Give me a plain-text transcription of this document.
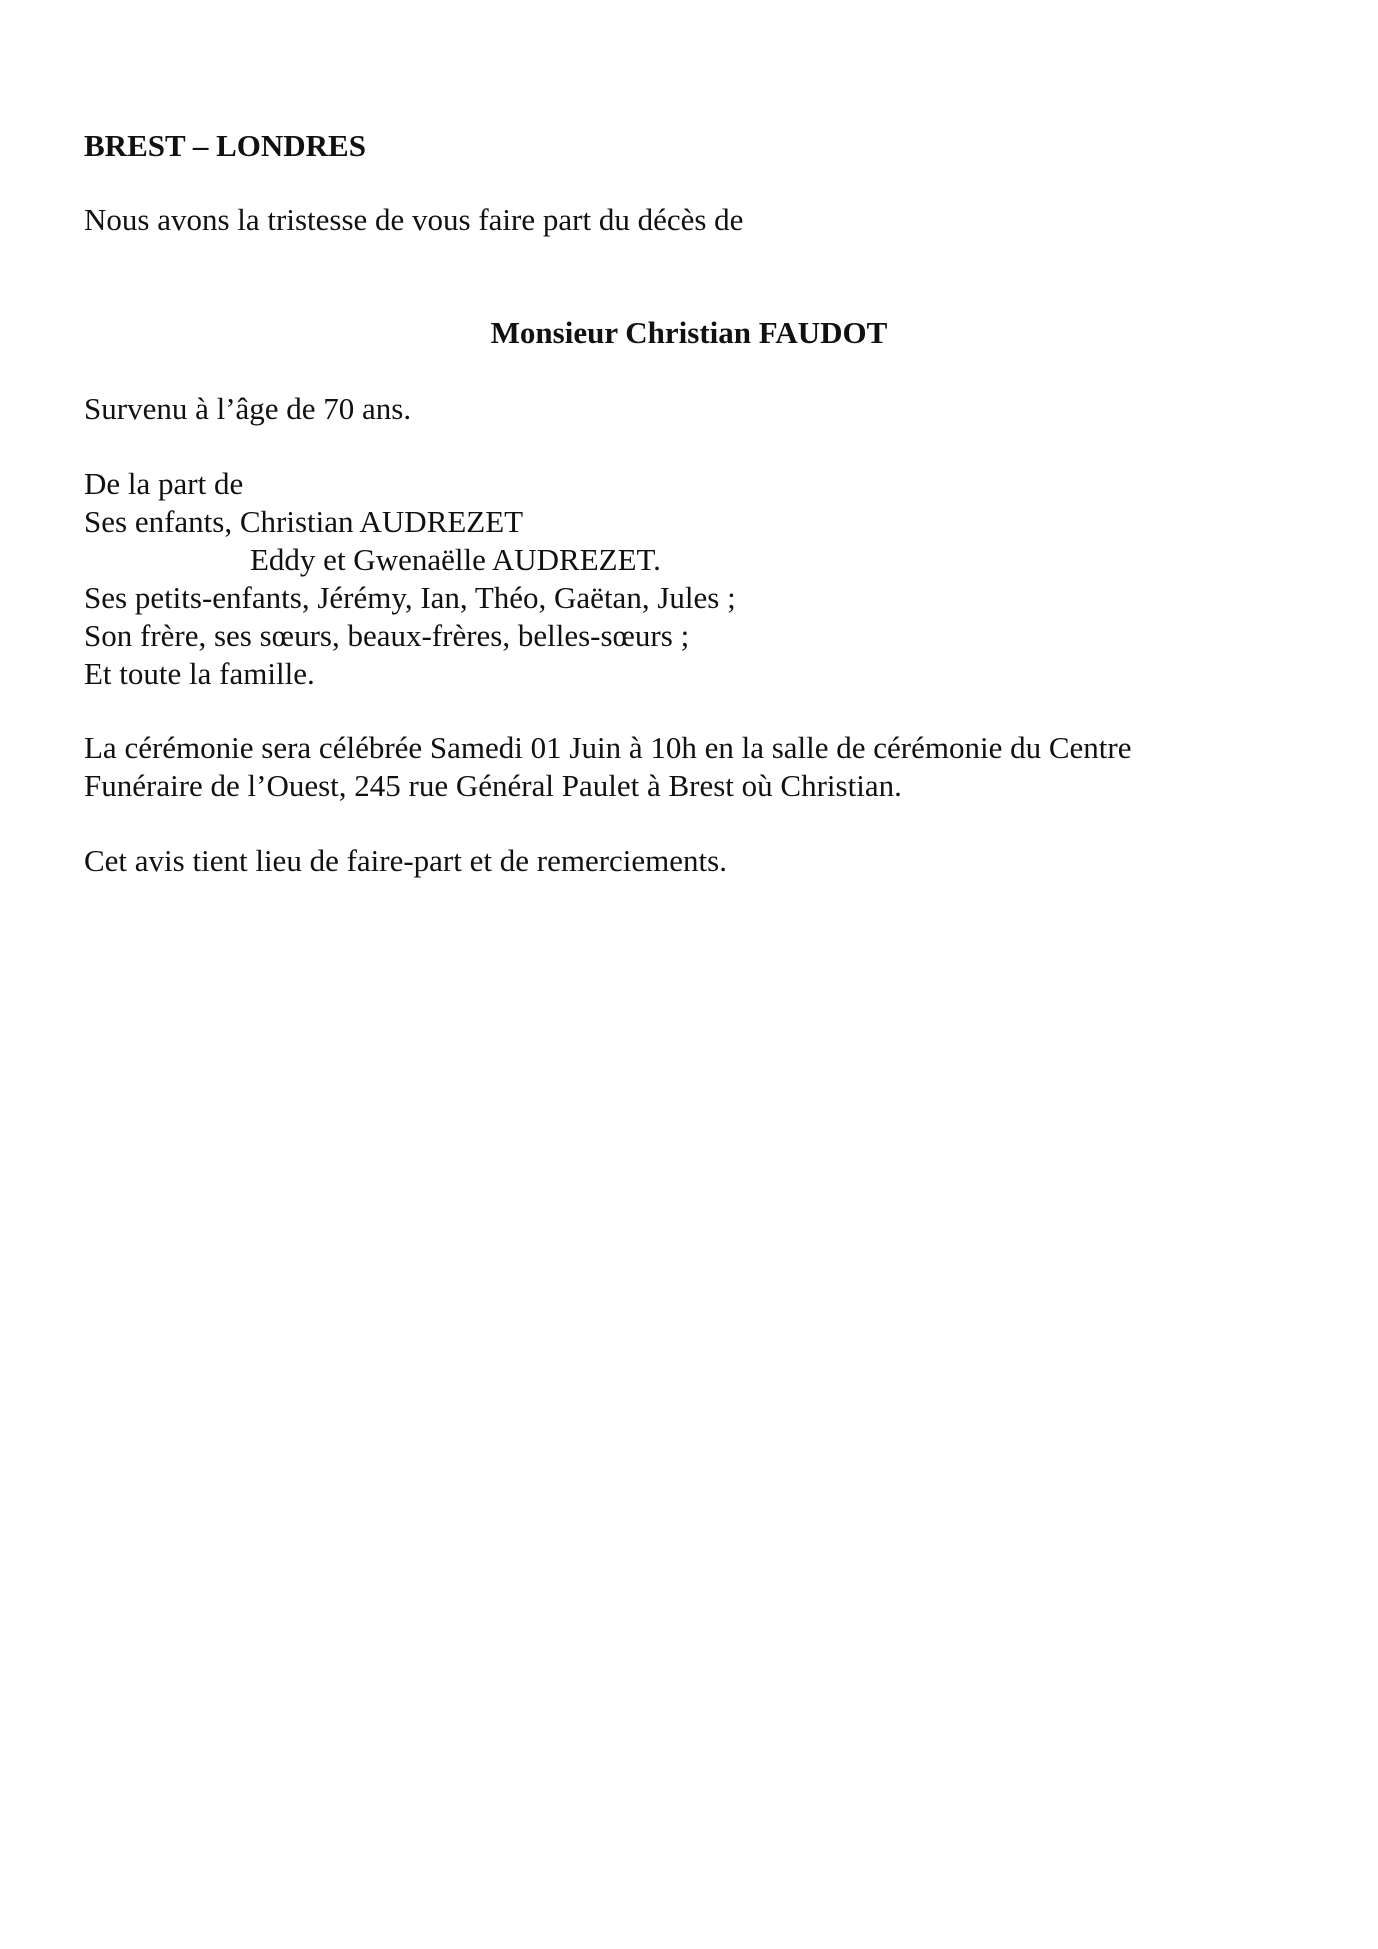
BREST – LONDRES
Nous avons la tristesse de vous faire part du décès de
Monsieur Christian FAUDOT
Survenu à l’âge de 70 ans.
De la part de
Ses enfants, Christian AUDREZET
Eddy et Gwenaëlle AUDREZET.
Ses petits-enfants, Jérémy, Ian, Théo, Gaëtan, Jules ;
Son frère, ses sœurs, beaux-frères, belles-sœurs ;
Et toute la famille.
La cérémonie sera célébrée Samedi 01 Juin à 10h en la salle de cérémonie du Centre
Funéraire de l’Ouest, 245 rue Général Paulet à Brest où Christian.
Cet avis tient lieu de faire-part et de remerciements.
